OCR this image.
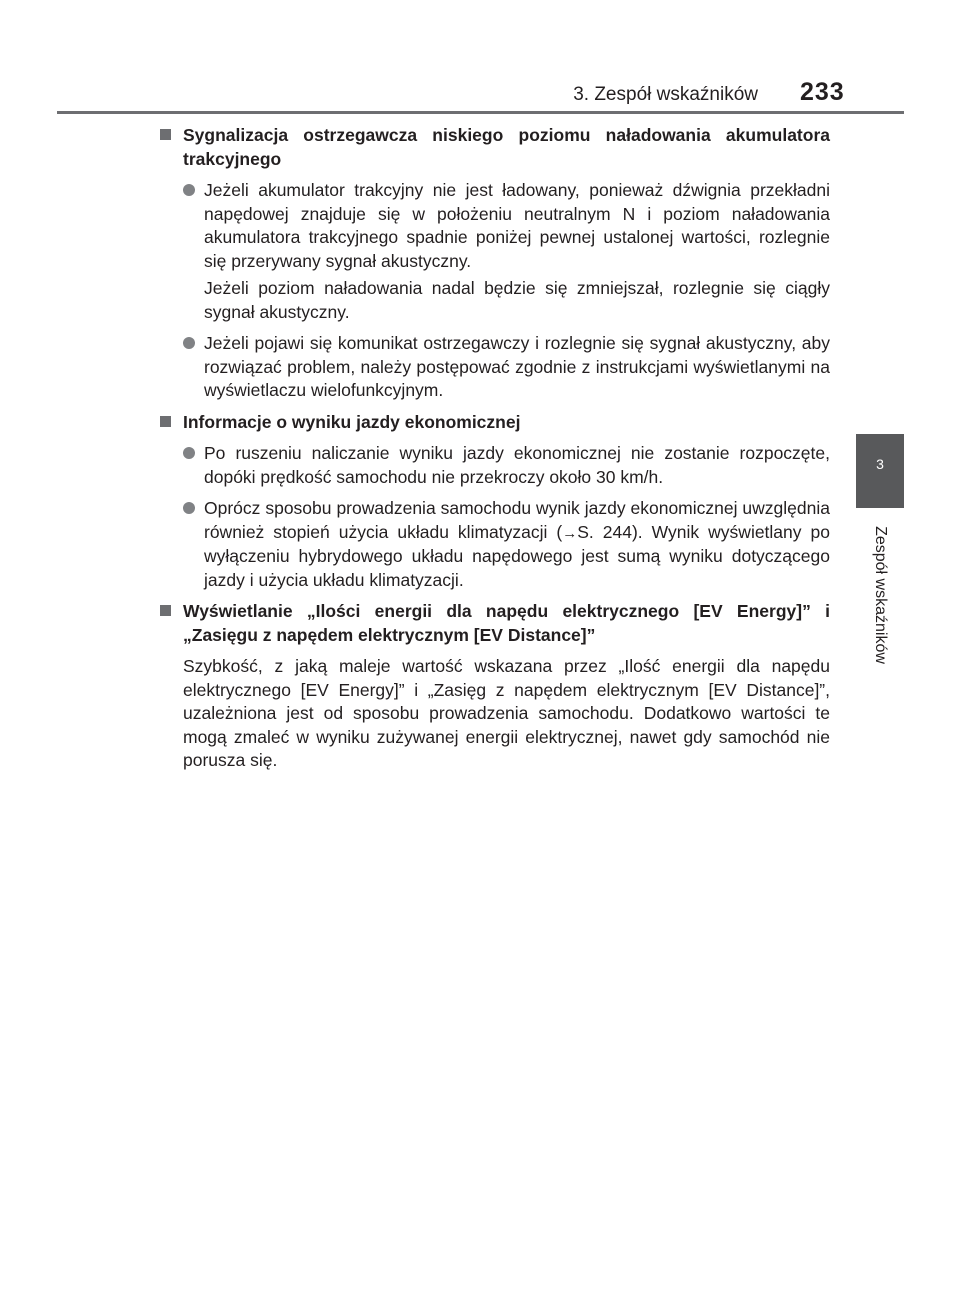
3. Zespół wskaźników 233
3
Zespół wskaźników
Sygnalizacja ostrzegawcza niskiego poziomu naładowania akumulatora trakcyjnego
Jeżeli akumulator trakcyjny nie jest ładowany, ponieważ dźwignia przekładni napędowej znajduje się w położeniu neutralnym N i poziom naładowania akumulatora trakcyjnego spadnie poniżej pewnej ustalonej wartości, rozlegnie się przerywany sygnał akustyczny.
Jeżeli poziom naładowania nadal będzie się zmniejszał, rozlegnie się ciągły sygnał akustyczny.
Jeżeli pojawi się komunikat ostrzegawczy i rozlegnie się sygnał akustyczny, aby rozwiązać problem, należy postępować zgodnie z instrukcjami wyświetlanymi na wyświetlaczu wielofunkcyjnym.
Informacje o wyniku jazdy ekonomicznej
Po ruszeniu naliczanie wyniku jazdy ekonomicznej nie zostanie rozpoczęte, dopóki prędkość samochodu nie przekroczy około 30 km/h.
Oprócz sposobu prowadzenia samochodu wynik jazdy ekonomicznej uwzględnia również stopień użycia układu klimatyzacji (→S. 244). Wynik wyświetlany po wyłączeniu hybrydowego układu napędowego jest sumą wyniku dotyczącego jazdy i użycia układu klimatyzacji.
Wyświetlanie „Ilości energii dla napędu elektrycznego [EV Energy]” i „Zasięgu z napędem elektrycznym [EV Distance]”
Szybkość, z jaką maleje wartość wskazana przez „Ilość energii dla napędu elektrycznego [EV Energy]” i „Zasięg z napędem elektrycznym [EV Distance]”, uzależniona jest od sposobu prowadzenia samochodu. Dodatkowo wartości te mogą zmaleć w wyniku zużywanej energii elektrycznej, nawet gdy samochód nie porusza się.
